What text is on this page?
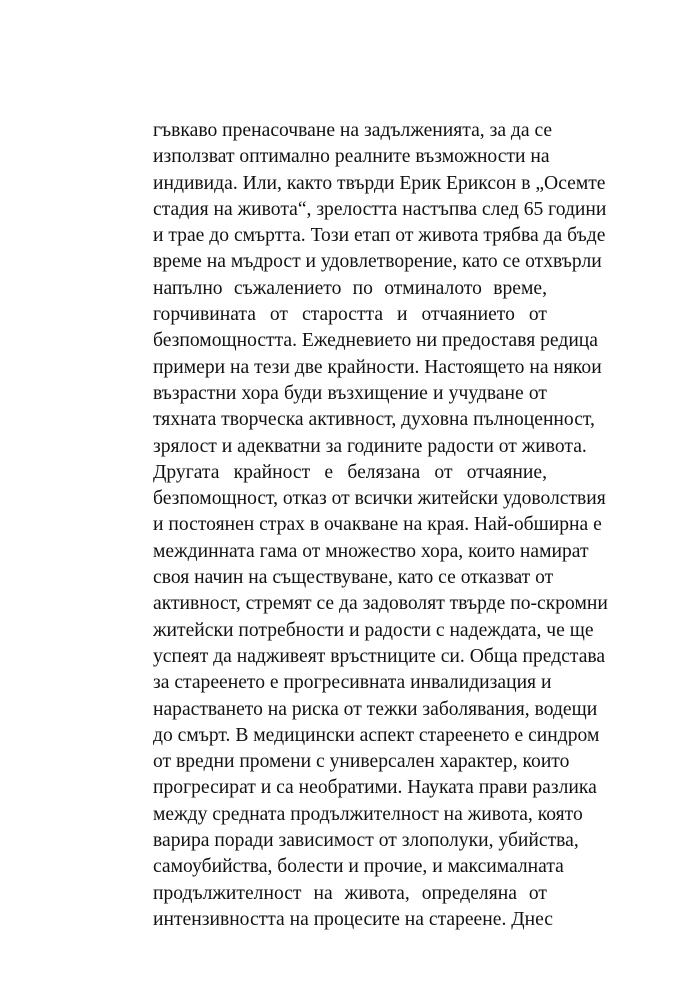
гъвкаво пренасочване на задълженията, за да се
използват оптимално реалните възможности на
индивида. Или, както твърди Ерик Ериксон в „Осемте
стадия на живота“, зрелостта настъпва след 65 години
и трае до смъртта. Този етап от живота трябва да бъде
време на мъдрост и удовлетворение, като се отхвърли
напълно съжалението по отминалото време,
горчивината от старостта и отчаянието от
безпомощността. Ежедневието ни предоставя редица
примери на тези две крайности. Настоящето на някои
възрастни хора буди възхищение и учудване от
тяхната творческа активност, духовна пълноценност,
зрялост и адекватни за годините радости от живота.
Другата крайност е белязана от отчаяние,
безпомощност, отказ от всички житейски удоволствия
и постоянен страх в очакване на края. Най-обширна е
междинната гама от множество хора, които намират
своя начин на съществуване, като се отказват от
активност, стремят се да задоволят твърде по-скромни
житейски потребности и радости с надеждата, че ще
успеят да надживеят връстниците си. Обща представа
за стареенето е прогресивната инвалидизация и
нарастването на риска от тежки заболявания, водещи
до смърт. В медицински аспект стареенето е синдром
от вредни промени с универсален характер, които
прогресират и са необратими. Науката прави разлика
между средната продължителност на живота, която
варира поради зависимост от злополуки, убийства,
самоубийства, болести и прочие, и максималната
продължителност на живота, определяна от
интензивността на процесите на стареене. Днес
